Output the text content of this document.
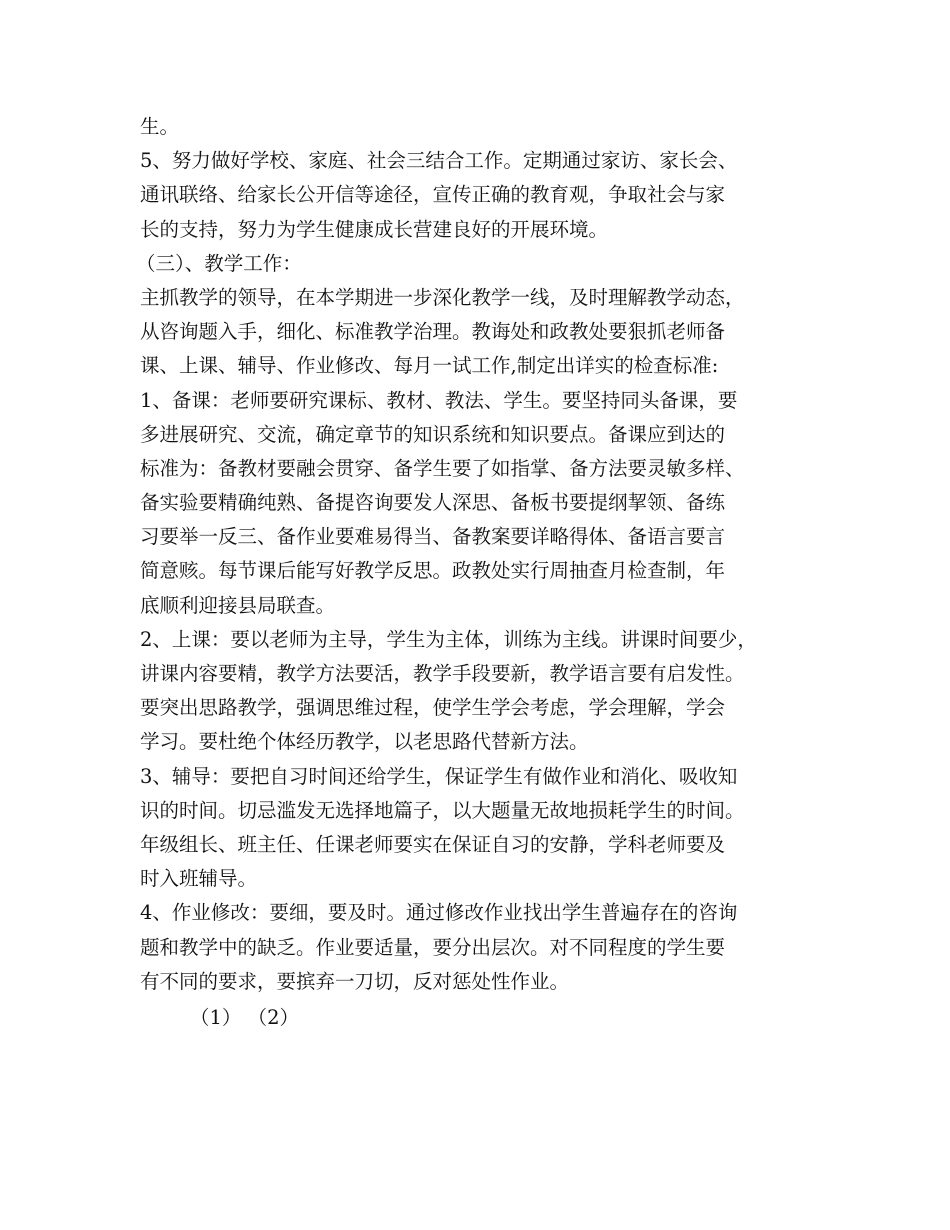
生。
5、努力做好学校、家庭、社会三结合工作。定期通过家访、家长会、
通讯联络、给家长公开信等途径，宣传正确的教育观，争取社会与家
长的支持，努力为学生健康成长营建良好的开展环境。
（三）、教学工作：
主抓教学的领导，在本学期进一步深化教学一线，及时理解教学动态，
从咨询题入手，细化、标准教学治理。教诲处和政教处要狠抓老师备
课、上课、辅导、作业修改、每月一试工作,制定出详实的检查标准:
1、备课：老师要研究课标、教材、教法、学生。要坚持同头备课，要
多进展研究、交流，确定章节的知识系统和知识要点。备课应到达的
标准为：备教材要融会贯穿、备学生要了如指掌、备方法要灵敏多样、
备实验要精确纯熟、备提咨询要发人深思、备板书要提纲挈领、备练
习要举一反三、备作业要难易得当、备教案要详略得体、备语言要言
简意赅。每节课后能写好教学反思。政教处实行周抽查月检查制，年
底顺利迎接县局联查。
2、上课：要以老师为主导，学生为主体，训练为主线。讲课时间要少，
讲课内容要精，教学方法要活，教学手段要新，教学语言要有启发性。
要突出思路教学，强调思维过程，使学生学会考虑，学会理解，学会
学习。要杜绝个体经历教学，以老思路代替新方法。
3、辅导：要把自习时间还给学生，保证学生有做作业和消化、吸收知
识的时间。切忌滥发无选择地篇子，以大题量无故地损耗学生的时间。
年级组长、班主任、任课老师要实在保证自习的安静，学科老师要及
时入班辅导。
4、作业修改：要细，要及时。通过修改作业找出学生普遍存在的咨询
题和教学中的缺乏。作业要适量，要分出层次。对不同程度的学生要
有不同的要求，要摈弃一刀切，反对惩处性作业。
（1） （2）
